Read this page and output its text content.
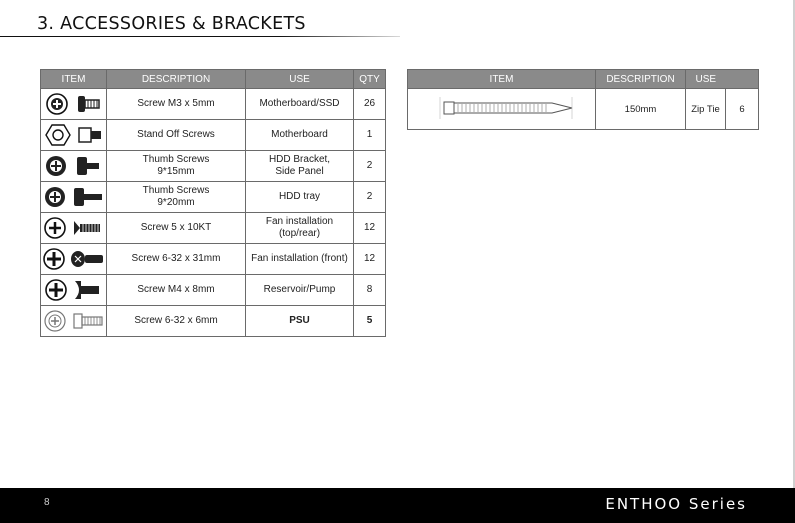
3. ACCESSORIES & BRACKETS
ITEM	DESCRIPTION	USE	QTY

	Screw M3 x 5mm	Motherboard/SSD	26

	Stand Off Screws	Motherboard	1

	Thumb Screws
9*15mm	HDD Bracket,
Side Panel	2

	Thumb Screws
9*20mm	HDD tray	2

	Screw 5 x 10KT	Fan installation
(top/rear)	12

	Screw 6-32 x 31mm	Fan installation (front)	12

	Screw M4 x 8mm	Reservoir/Pump	8

	Screw 6-32 x 6mm	PSU	5
ITEM	DESCRIPTION	USE	
	150mm	Zip Tie	6
8	ENTHOO Series
